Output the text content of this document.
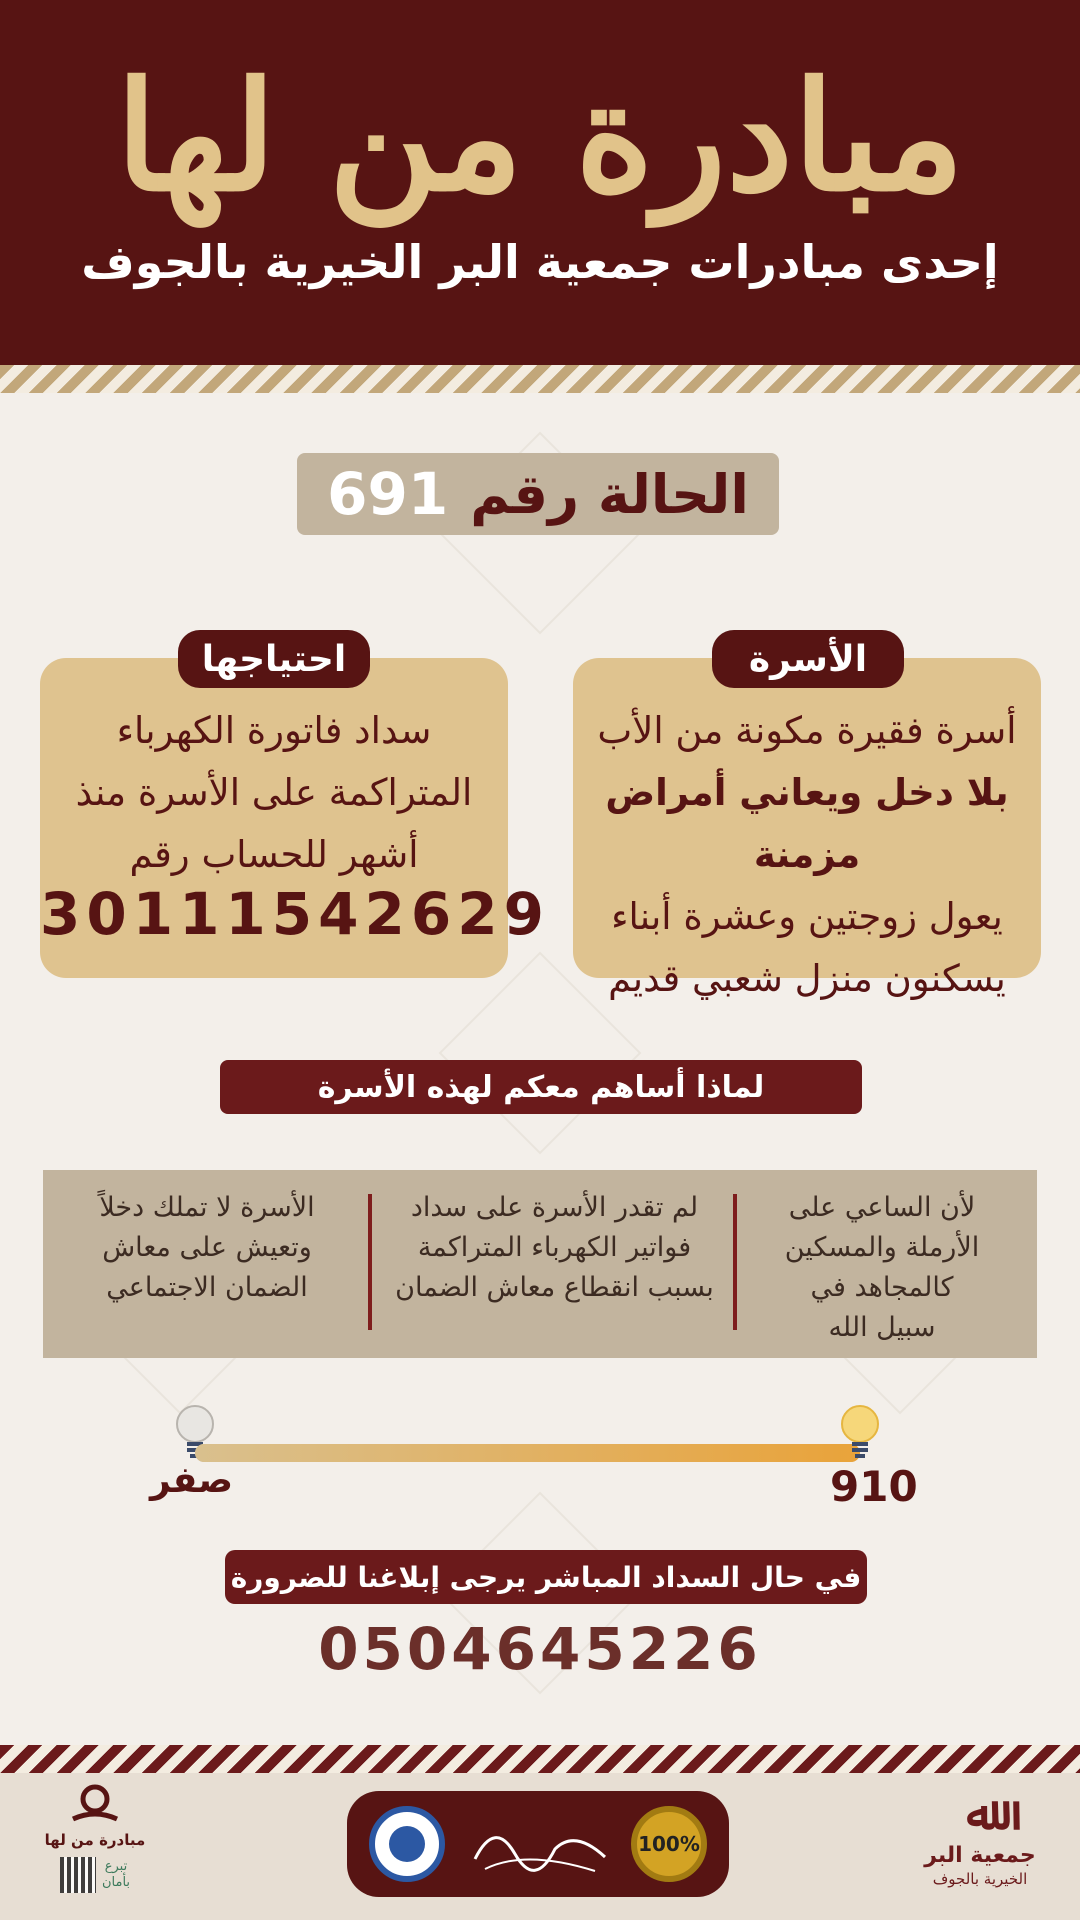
مبادرة من لها
إحدى مبادرات جمعية البر الخيرية بالجوف
691 الحالة رقم
أسرة فقيرة مكونة من الأب
بلا دخل ويعاني أمراض مزمنة
يعول زوجتين وعشرة أبناء
يسكنون منزل شعبي قديم
الأسرة
سداد فاتورة الكهرباء
المتراكمة على الأسرة منذ
أشهر للحساب رقم
30111542629
احتياجها
لماذا أساهم معكم لهذه الأسرة
لأن الساعي على
الأرملة والمسكين
كالمجاهد في
سبيل الله
لم تقدر الأسرة على سداد
فواتير الكهرباء المتراكمة
بسبب انقطاع معاش الضمان
الأسرة لا تملك دخلاً
وتعيش على معاش
الضمان الاجتماعي
910
صفر
في حال السداد المباشر يرجى إبلاغنا للضرورة
0504645226
100%
ﷲ
جمعية البر
الخيرية بالجوف
مبادرة من لها
تبرع
بأمان
